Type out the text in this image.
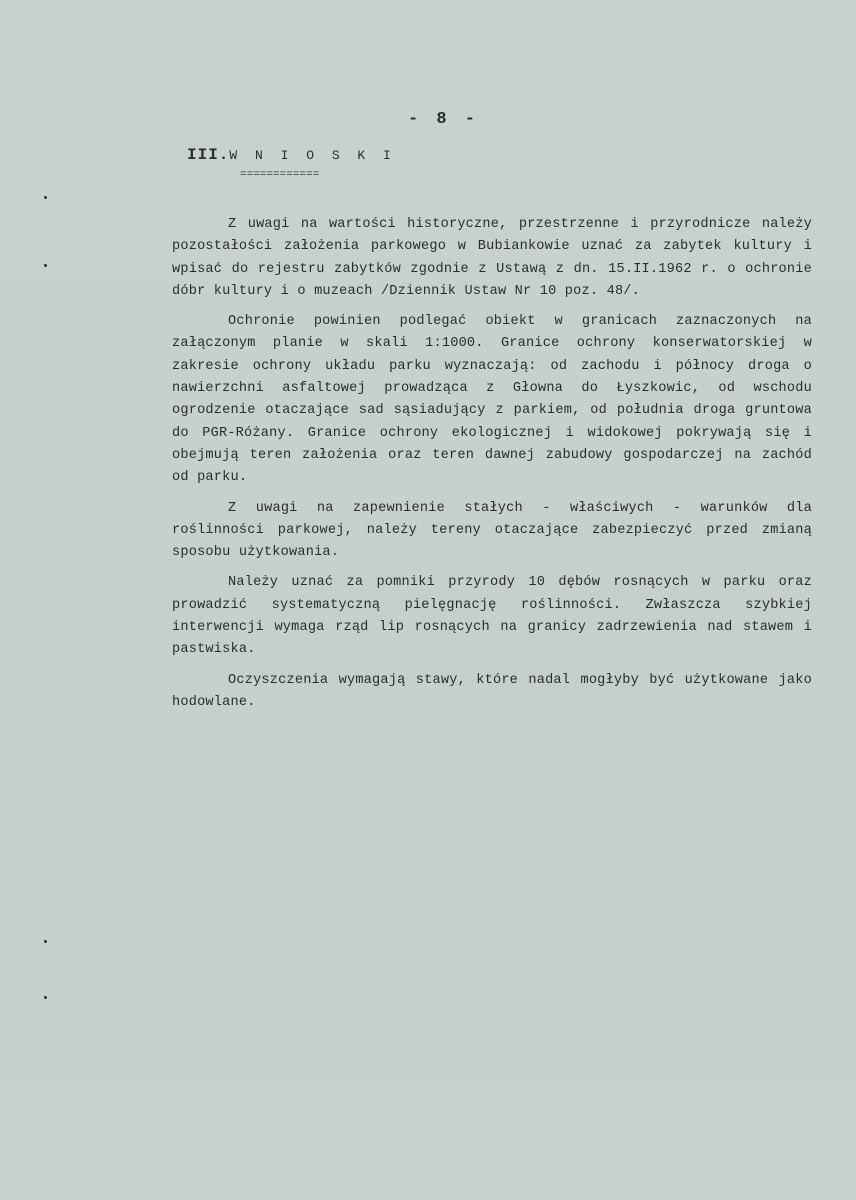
- 8 -
III.W N I O S K I
============

Z uwagi na wartości historyczne, przestrzenne i przyrodnicze należy pozostałości założenia parkowego w Bubiankowie uznać za zabytek kultury i wpisać do rejestru zabytków zgodnie z Ustawą z dn. 15.II.1962 r. o ochronie dóbr kultury i o muzeach /Dziennik Ustaw Nr 10 poz. 48/.

Ochronie powinien podlegać obiekt w granicach zaznaczonych na załączonym planie w skali 1:1000. Granice ochrony konserwatorskiej w zakresie ochrony układu parku wyznaczają: od zachodu i północy droga o nawierzchni asfaltowej prowadząca z Głowna do Łyszkowic, od wschodu ogrodzenie otaczające sad sąsiadujący z parkiem, od południa droga gruntowa do PGR-Różany. Granice ochrony ekologicznej i widokowej pokrywają się i obejmują teren założenia oraz teren dawnej zabudowy gospodarczej na zachód od parku.

Z uwagi na zapewnienie stałych - właściwych - warunków dla roślinności parkowej, należy tereny otaczające zabezpieczyć przed zmianą sposobu użytkowania.

Należy uznać za pomniki przyrody 10 dębów rosnących w parku oraz prowadzić systematyczną pielęgnację roślinności. Zwłaszcza szybkiej interwencji wymaga rząd lip rosnących na granicy zadrzewienia nad stawem i pastwiska.

Oczyszczenia wymagają stawy, które nadal mogłyby być użytkowane jako hodowlane.
